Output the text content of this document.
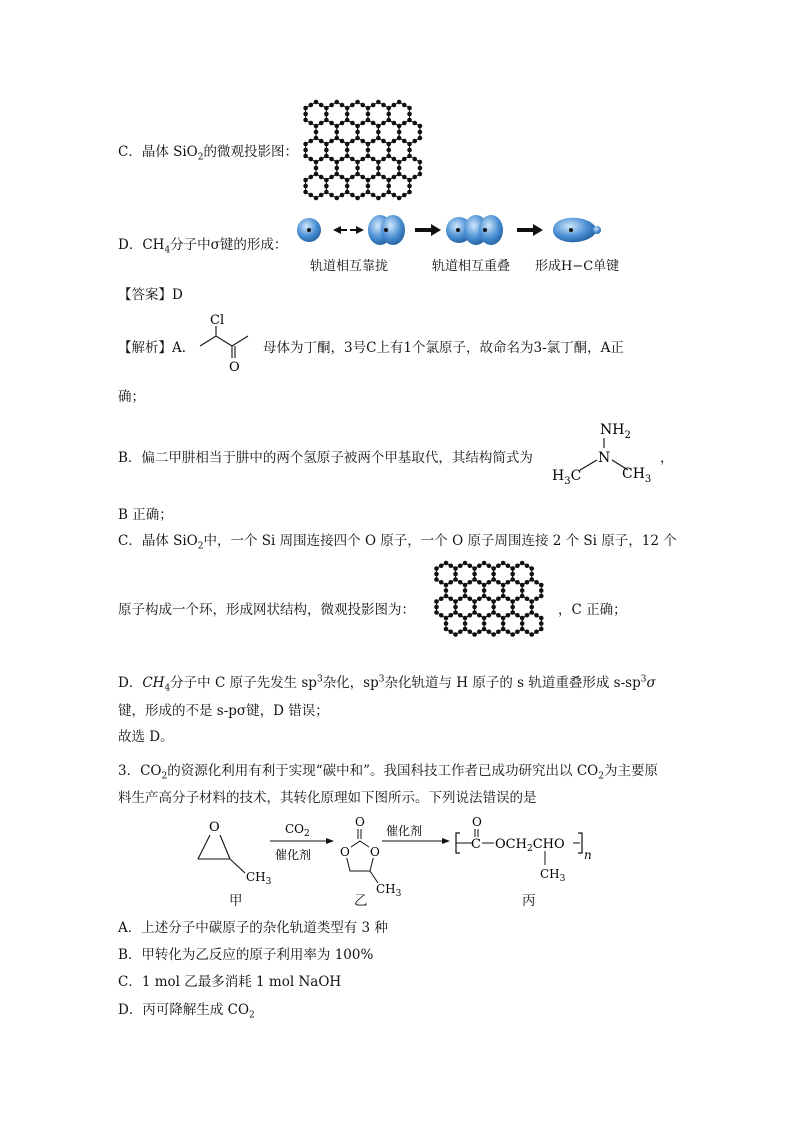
C．晶体 SiO$_2$的微观投影图：
D．$CH_4$分子中σ键的形成：
轨道相互靠拢	轨道相互重叠 形成H−C单键
【答案】D
【解析】A．
Cl
O
母体为丁酮，3号C上有1个氯原子，故命名为3-氯丁酮，A正
确；
B．偏二甲肼相当于肼中的两个氢原子被两个甲基取代，其结构简式为
$NH_2$
N
$H_3C$	$CH_3$
，
B 正确；
C．晶体 SiO$_2$中，一个 Si 周围连接四个 O 原子，一个 O 原子周围连接 2 个 Si 原子，12 个
原子构成一个环，形成网状结构，微观投影图为：	，C 正确；
D．$CH_4$分子中 C 原子先发生 $sp^3$杂化，$sp^3$杂化轨道与 H 原子的 s 轨道重叠形成 $s-sp^3\sigma$
键，形成的不是 s-pσ键，D 错误；
故选 D。
3．$CO_2$的资源化利用有利于实现“碳中和”。我国科技工作者已成功研究出以 $CO_2$为主要原
料生产高分子材料的技术，其转化原理如下图所示。下列说法错误的是
O
$CH_3$
$CO_2$
催化剂
O
O O
$CH_3$
催化剂
O
C $OCH_2CHO$
$CH_3$
n
甲	乙	丙
A．上述分子中碳原子的杂化轨道类型有 3 种
B．甲转化为乙反应的原子利用率为 100%
C．1 mol 乙最多消耗 1 mol NaOH
D．丙可降解生成 $CO_2$
